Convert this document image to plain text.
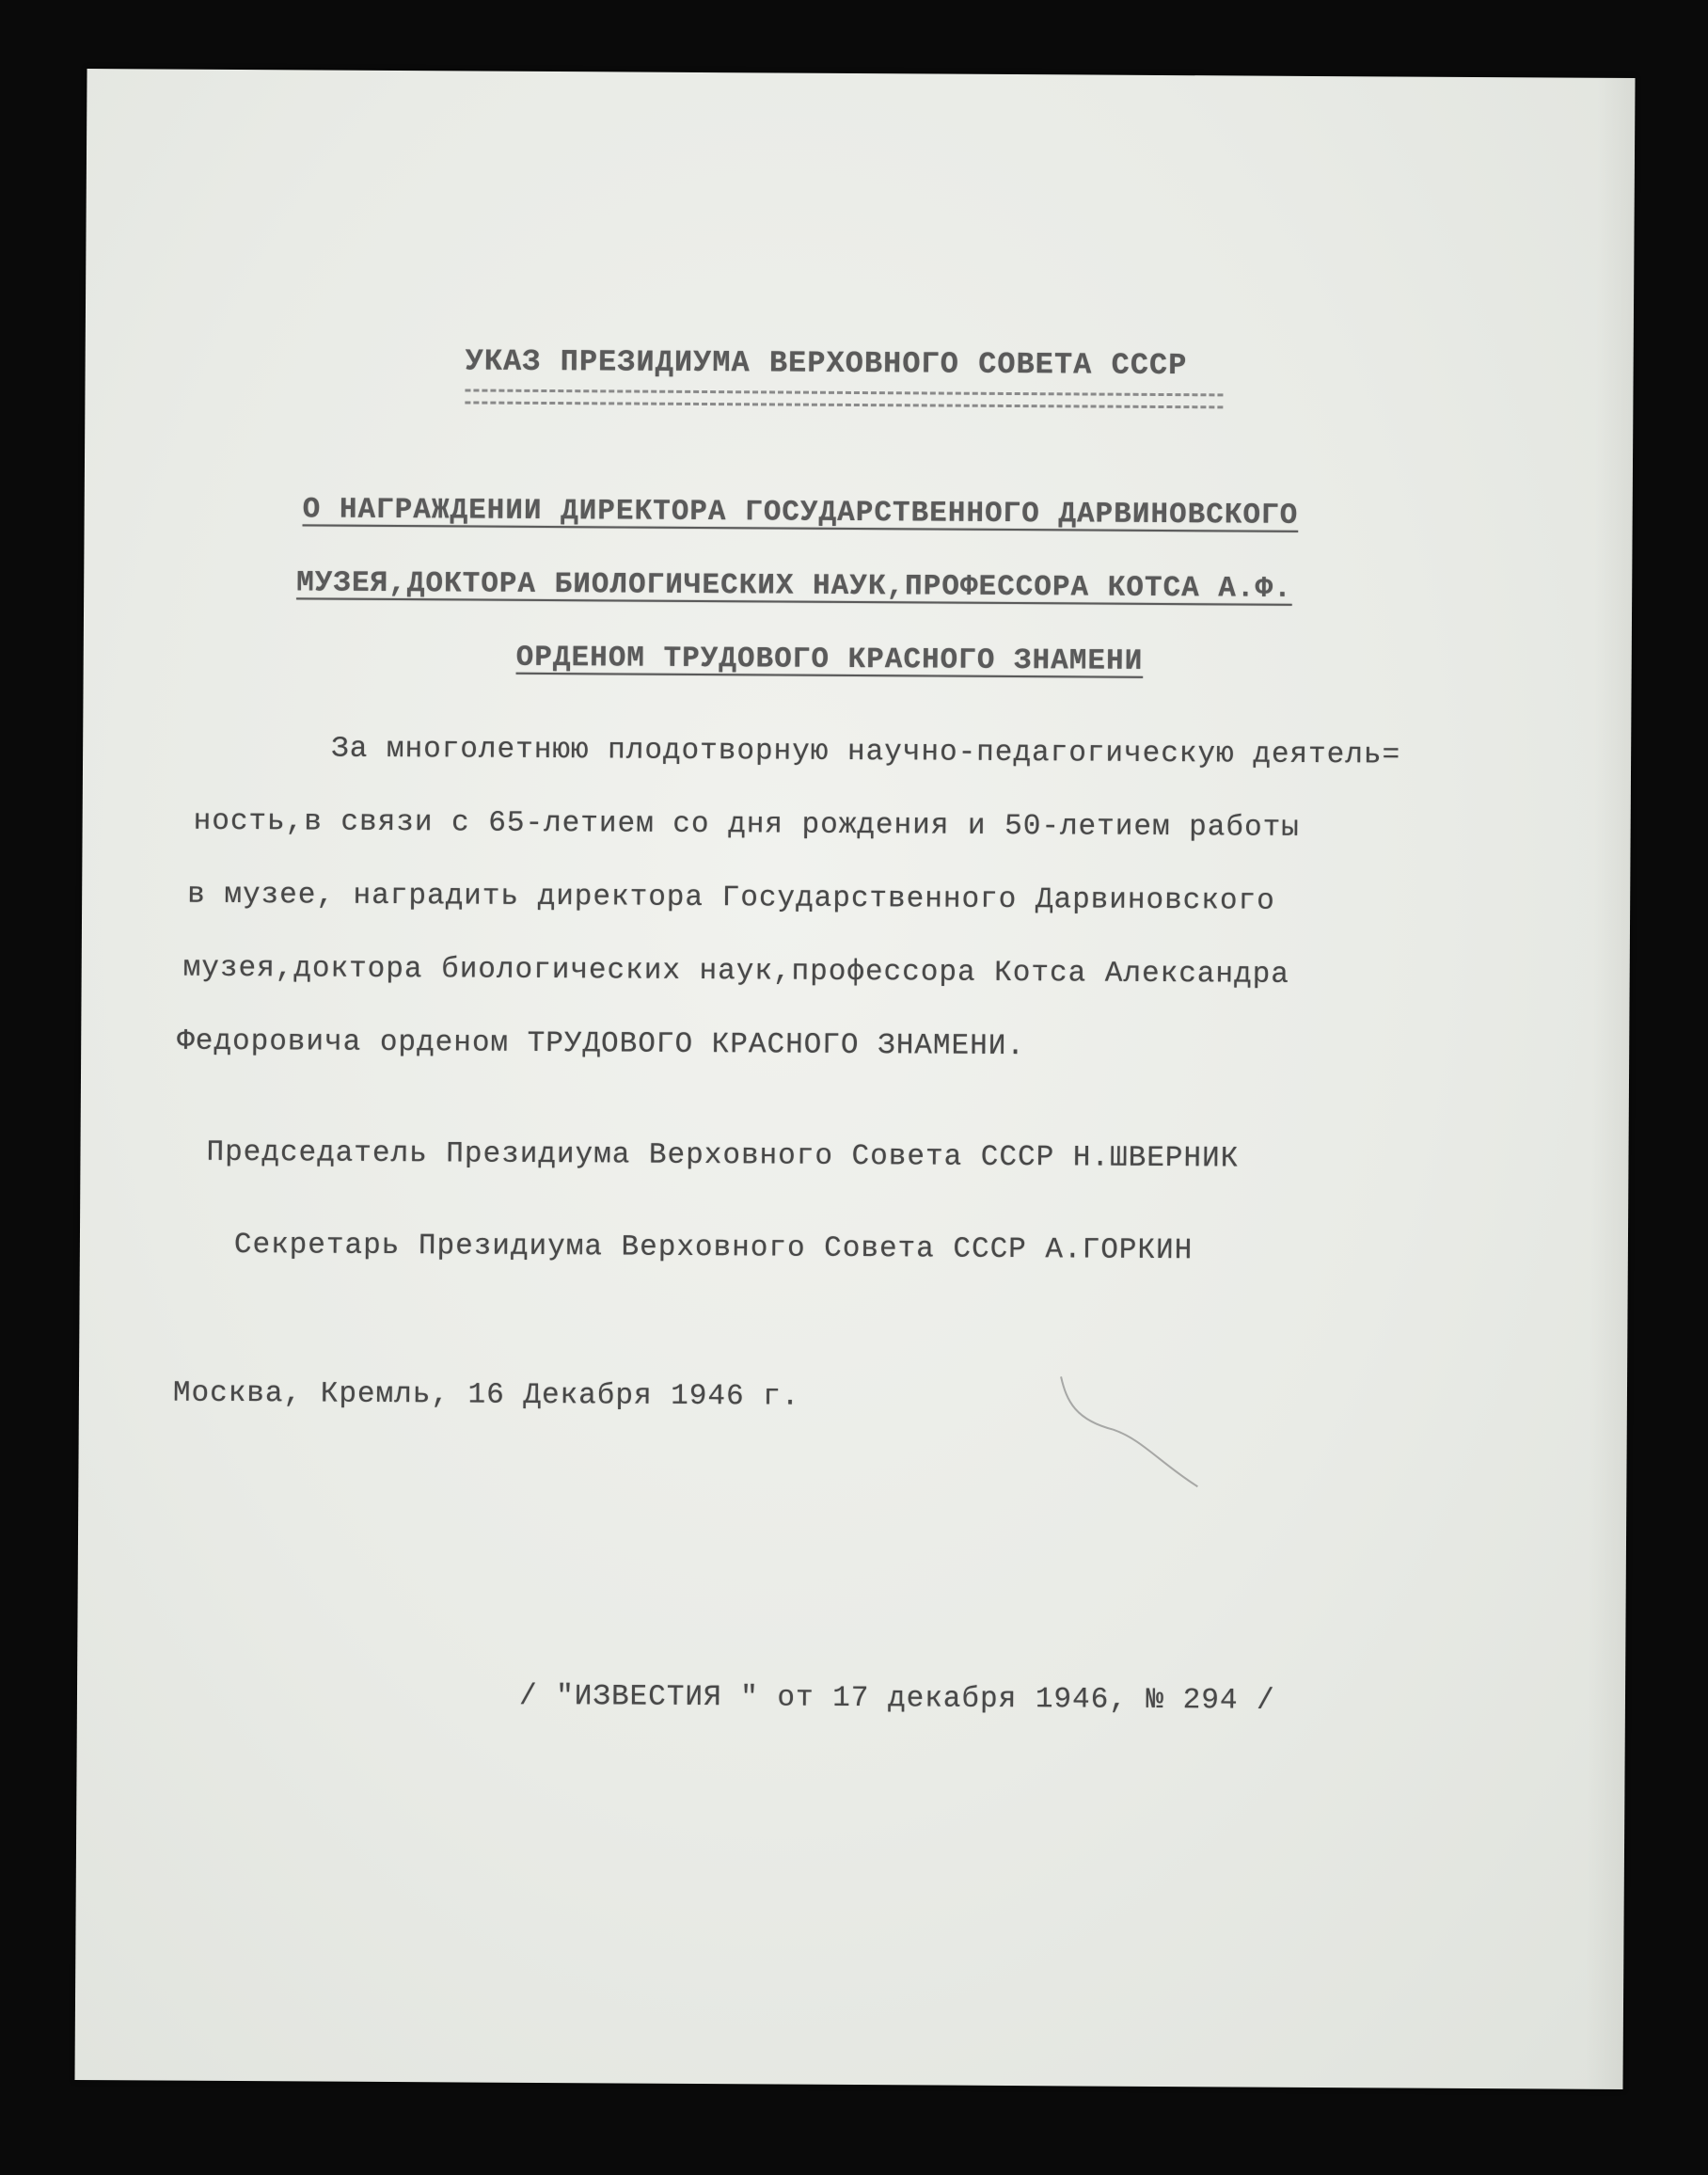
УКАЗ ПРЕЗИДИУМА ВЕРХОВНОГО СОВЕТА СССР
О НАГРАЖДЕНИИ ДИРЕКТОРА ГОСУДАРСТВЕННОГО ДАРВИНОВСКОГО
МУЗЕЯ,ДОКТОРА БИОЛОГИЧЕСКИХ НАУК,ПРОФЕССОРА КОТСА А.Ф.
ОРДЕНОМ ТРУДОВОГО КРАСНОГО ЗНАМЕНИ
За многолетнюю плодотворную научно-педагогическую деятель=
ность,в связи с 65-летием со дня рождения и 50-летием работы
в музее, наградить директора Государственного Дарвиновского
музея,доктора биологических наук,профессора Котса Александра
Федоровича орденом ТРУДОВОГО КРАСНОГО ЗНАМЕНИ.
Председатель Президиума Верховного Совета СССР Н.ШВЕРНИК
Секретарь Президиума Верховного Совета СССР А.ГОРКИН
Москва, Кремль, 16 Декабря 1946 г.
/ "ИЗВЕСТИЯ " от 17 декабря 1946, № 294 /
